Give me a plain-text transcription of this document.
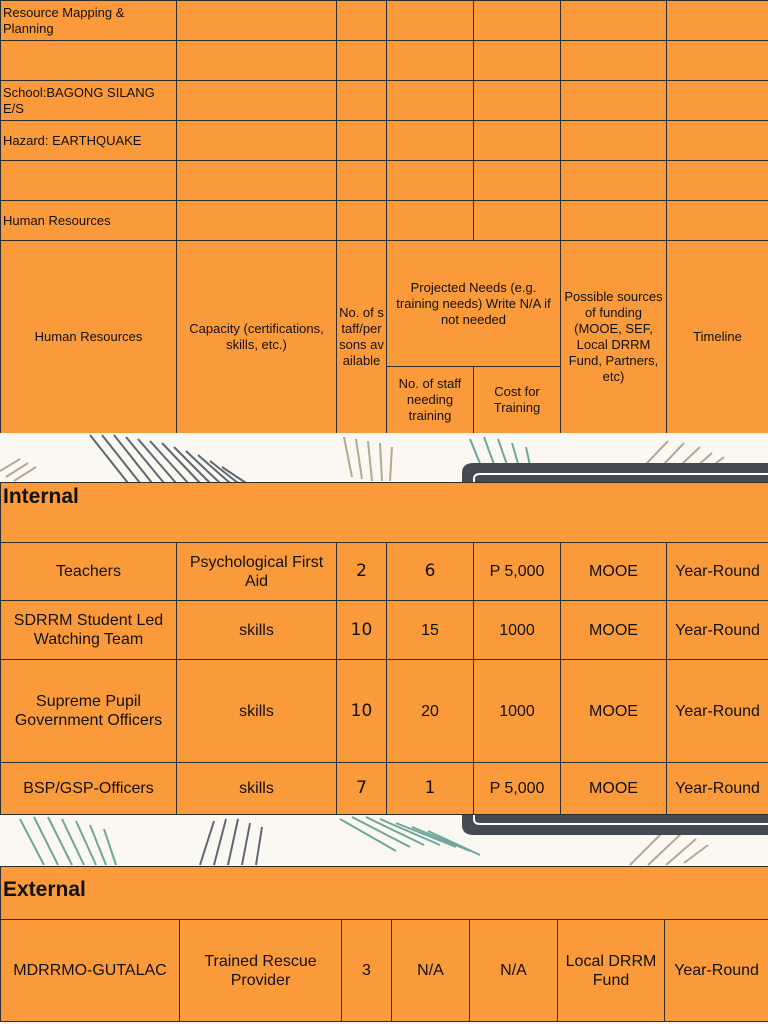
Resource Mapping & Planning						

School:BAGONG SILANG E/S						
Hazard: EARTHQUAKE						

Human Resources						
Human Resources	Capacity (certifications, skills, etc.)	No. of staff/persons available	Projected Needs (e.g. training needs) Write N/A if not needed		Possible sources of funding (MOOE, SEF, Local DRRM Fund, Partners, etc)	Timeline
			No. of staff needing training	Cost for Training		
Internal						
Teachers	Psychological First Aid	2	6	P 5,000	MOOE	Year-Round
SDRRM Student Led Watching Team	skills	10	15	1000	MOOE	Year-Round
Supreme Pupil Government Officers	skills	10	20	1000	MOOE	Year-Round
BSP/GSP-Officers	skills	7	1	P 5,000	MOOE	Year-Round
External
MDRRMO-GUTALAC	Trained Rescue Provider	3	N/A	N/A	Local DRRM Fund	Year-Round
